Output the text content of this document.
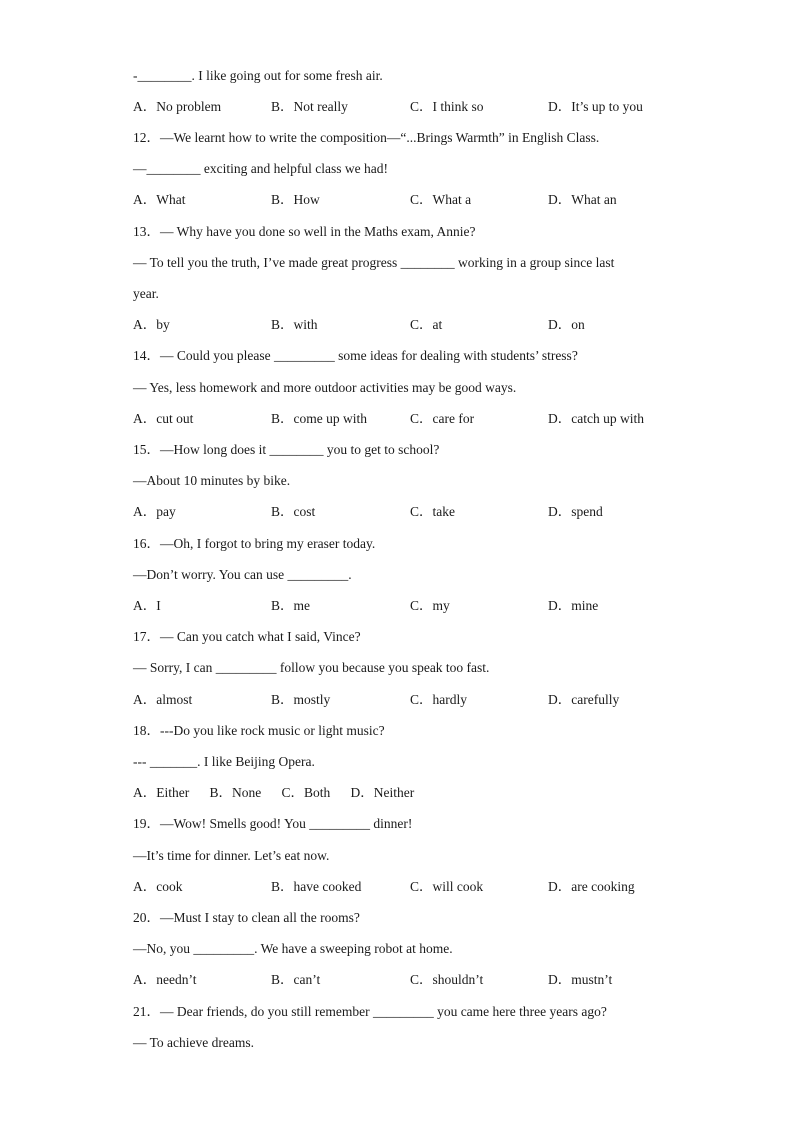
-________. I like going out for some fresh air.
A．No problem	B．Not really	C．I think so	D．It’s up to you
12．—We learnt how to write the composition—“...Brings Warmth” in English Class.
—________ exciting and helpful class we had!
A．What	B．How	C．What a	D．What an
13．— Why have you done so well in the Maths exam, Annie?
— To tell you the truth, I’ve made great progress ________ working in a group since last
year.
A．by	B．with	C．at	D．on
14．— Could you please _________ some ideas for dealing with students’ stress?
— Yes, less homework and more outdoor activities may be good ways.
A．cut out	B．come up with	C．care for	D．catch up with
15．—How long does it ________ you to get to school?
—About 10 minutes by bike.
A．pay	B．cost	C．take	D．spend
16．—Oh, I forgot to bring my eraser today.
—Don’t worry. You can use _________.
A．I	B．me	C．my	D．mine
17．— Can you catch what I said, Vince?
— Sorry, I can _________ follow you because you speak too fast.
A．almost	B．mostly	C．hardly	D．carefully
18．---Do you like rock music or light music?
--- _______. I like Beijing Opera.
A．Either      B．None      C．Both      D．Neither
19．—Wow! Smells good! You _________ dinner!
—It’s time for dinner. Let’s eat now.
A．cook	B．have cooked	C．will cook	D．are cooking
20．—Must I stay to clean all the rooms?
—No, you _________. We have a sweeping robot at home.
A．needn’t	B．can’t	C．shouldn’t	D．mustn’t
21．— Dear friends, do you still remember _________ you came here three years ago?
— To achieve dreams.
